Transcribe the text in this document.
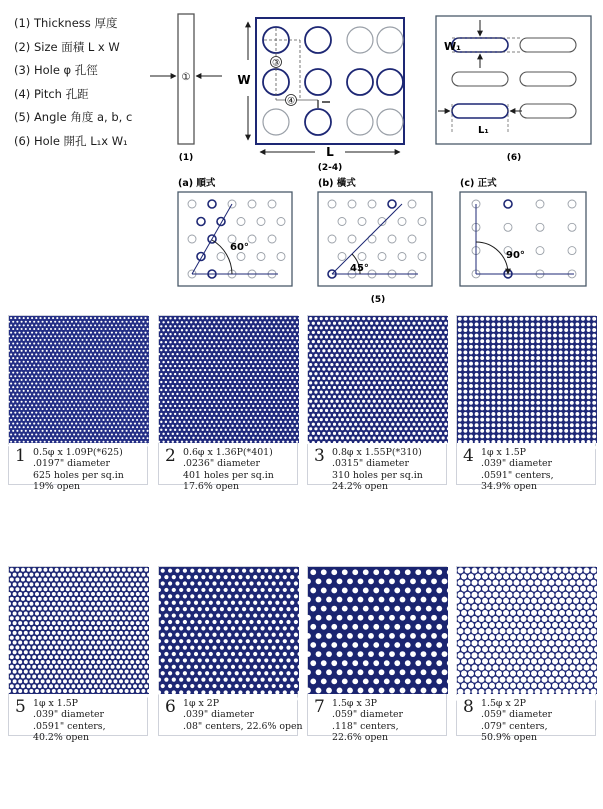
(1) Thickness 厚度
(2) Size 面積 L x W
(3) Hole φ 孔徑
(4) Pitch 孔距
(5) Angle 角度 a, b, c
(6) Hole 開孔 L₁x W₁
①
(1)
③
④
W
L
(2-4)
W₁
L₁
(6)
(a) 順式
60°
(b) 橫式
45°
(c) 正式
90°
(5)
1 0.5φ x 1.09P(*625)
.0197" diameter
625 holes per sq.in
19% open
2 0.6φ x 1.36P(*401)
.0236" diameter
401 holes per sq.in
17.6% open
3 0.8φ x 1.55P(*310)
.0315" diameter
310 holes per sq.in
24.2% open
4 1φ x 1.5P
.039" diameter
.0591" centers,
34.9% open
5 1φ x 1.5P
.039" diameter
.0591" centers,
40.2% open
6 1φ x 2P
.039" diameter
.08" centers, 22.6% open
7 1.5φ x 3P
.059" diameter
.118" centers,
22.6% open
8 1.5φ x 2P
.059" diameter
.079" centers,
50.9% open
